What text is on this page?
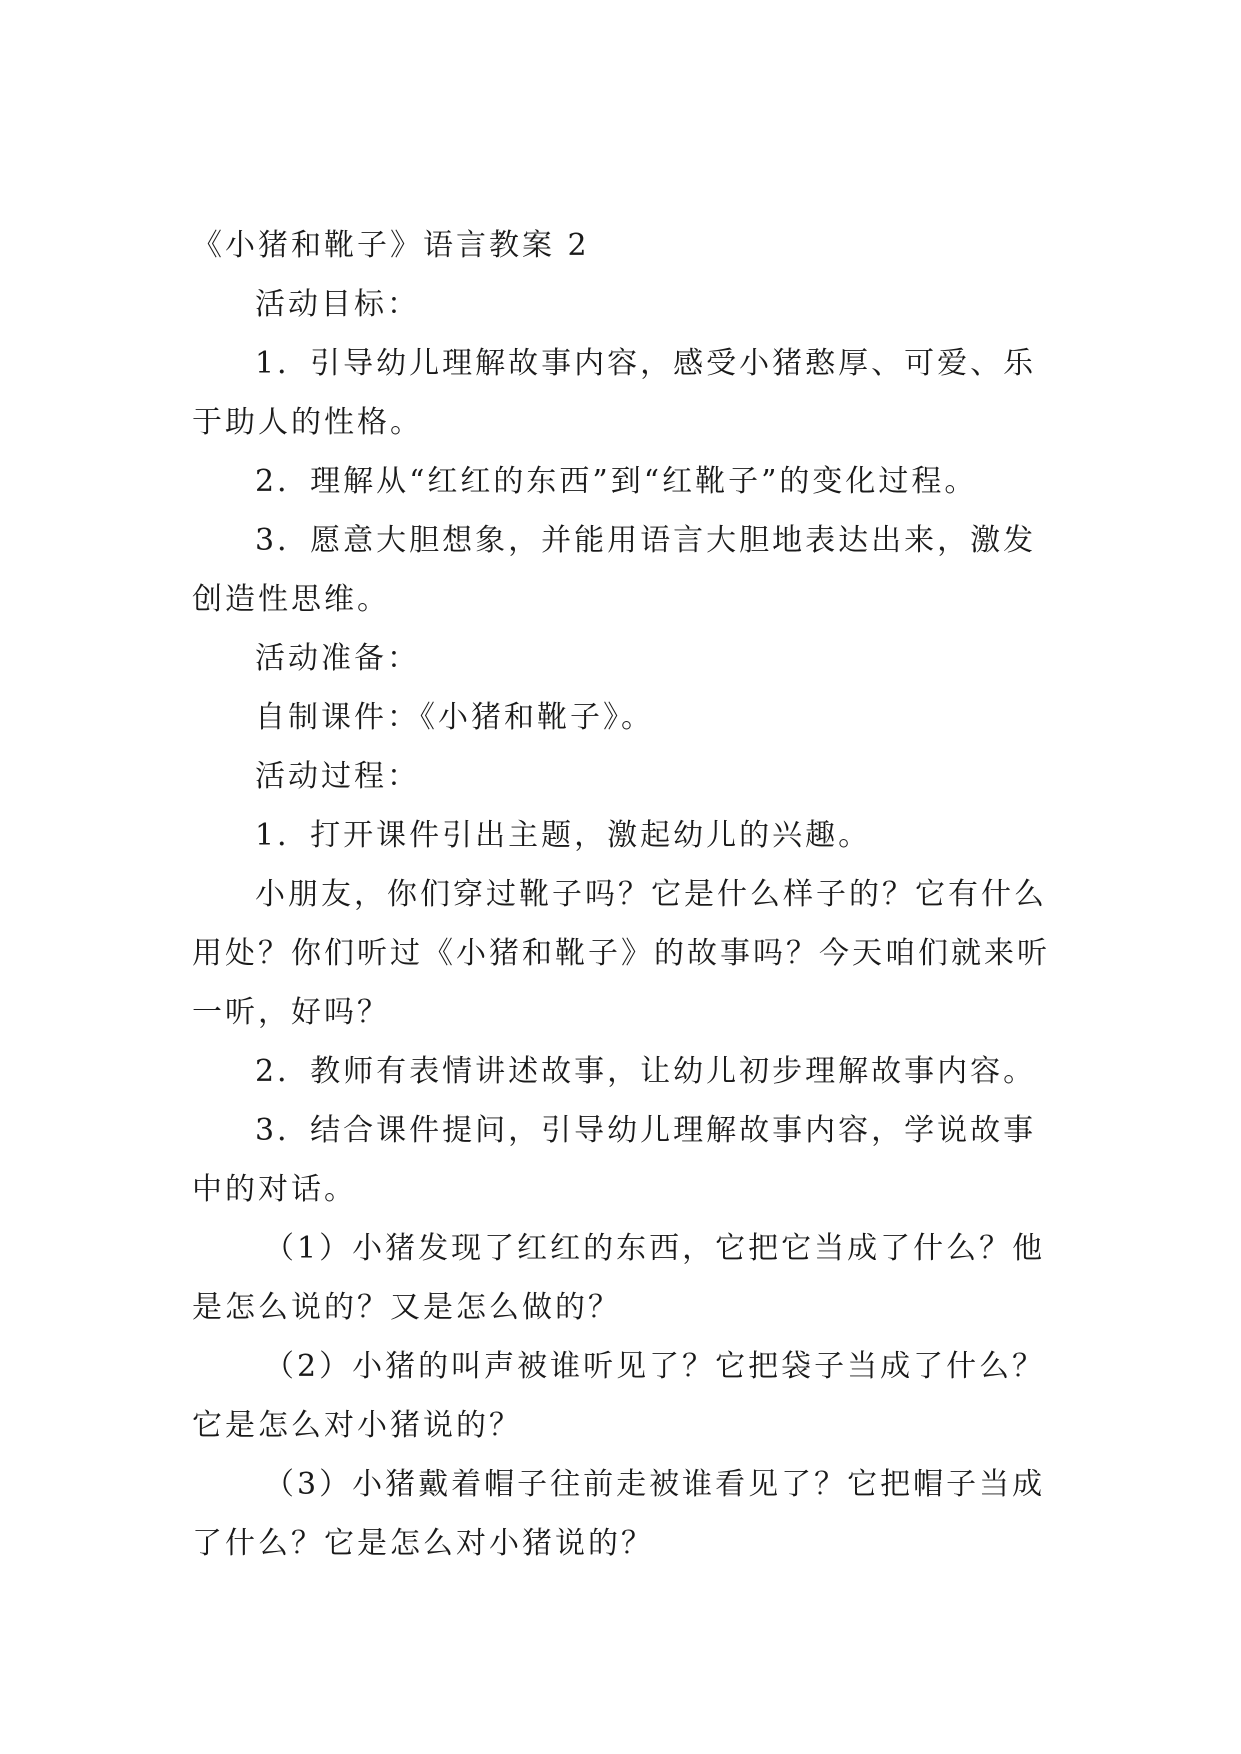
《小猪和靴子》语言教案 2
活动目标：
1．引导幼儿理解故事内容，感受小猪憨厚、可爱、乐
于助人的性格。
2．理解从“红红的东西”到“红靴子”的变化过程。
3．愿意大胆想象，并能用语言大胆地表达出来，激发
创造性思维。
活动准备：
自制课件：《小猪和靴子》。
活动过程：
1．打开课件引出主题，激起幼儿的兴趣。
小朋友，你们穿过靴子吗？它是什么样子的？它有什么
用处？你们听过《小猪和靴子》的故事吗？今天咱们就来听
一听，好吗？
2．教师有表情讲述故事，让幼儿初步理解故事内容。
3．结合课件提问，引导幼儿理解故事内容，学说故事
中的对话。
（1）小猪发现了红红的东西，它把它当成了什么？他
是怎么说的？又是怎么做的？
（2）小猪的叫声被谁听见了？它把袋子当成了什么？
它是怎么对小猪说的？
（3）小猪戴着帽子往前走被谁看见了？它把帽子当成
了什么？它是怎么对小猪说的？
